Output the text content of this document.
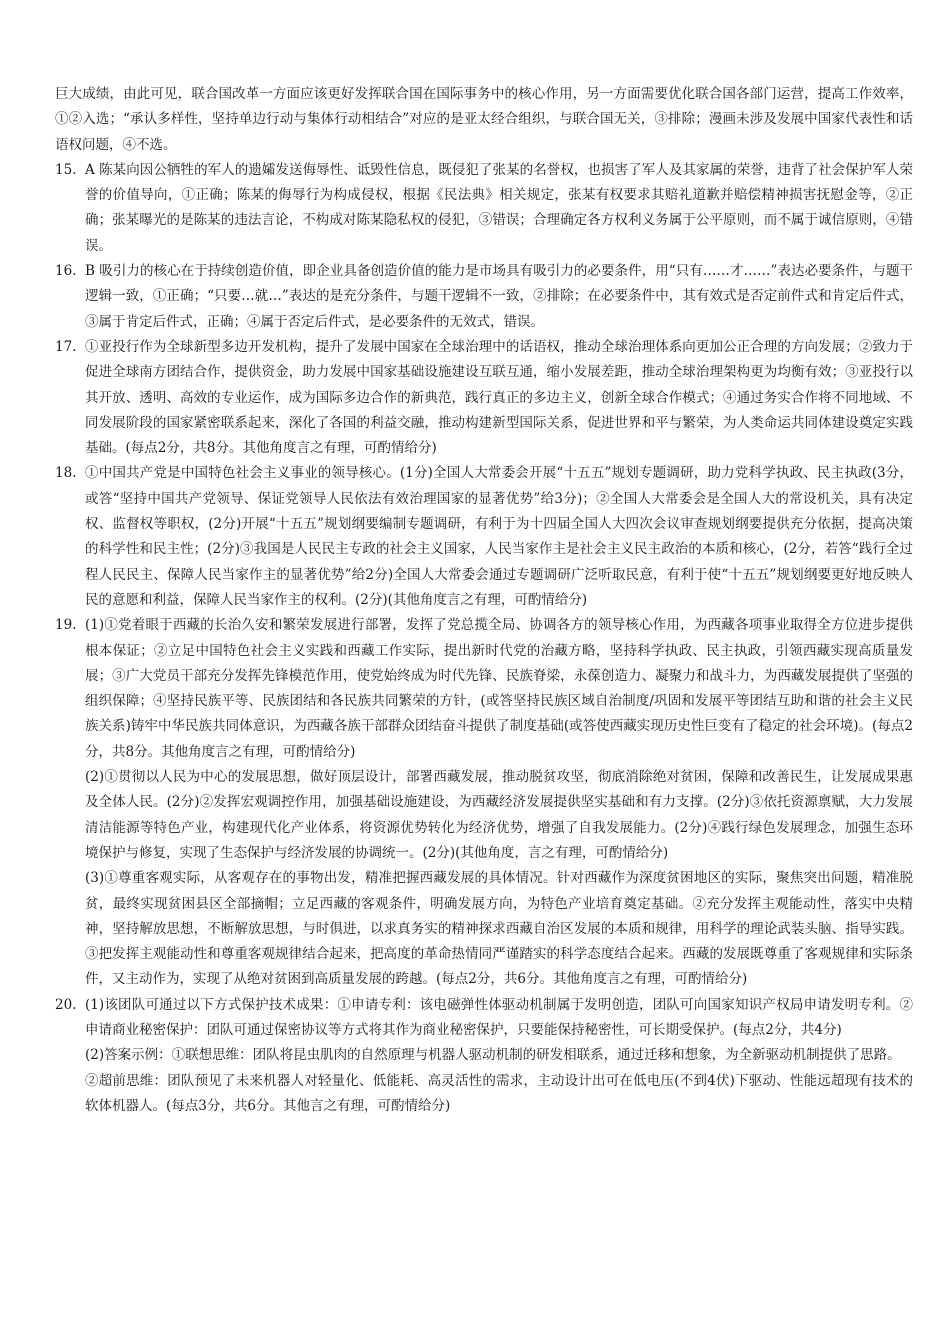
巨大成绩，由此可见，联合国改革一方面应该更好发挥联合国在国际事务中的核心作用，另一方面需要优化联合国各部门运营，提高工作效率，①②入选；“承认多样性，坚持单边行动与集体行动相结合”对应的是亚太经合组织，与联合国无关，③排除；漫画未涉及发展中国家代表性和话语权问题，④不选。

15. A 陈某向因公牺牲的军人的遗孀发送侮辱性、诋毁性信息，既侵犯了张某的名誉权，也损害了军人及其家属的荣誉，违背了社会保护军人荣誉的价值导向，①正确；陈某的侮辱行为构成侵权，根据《民法典》相关规定，张某有权要求其赔礼道歉并赔偿精神损害抚慰金等，②正确；张某曝光的是陈某的违法言论，不构成对陈某隐私权的侵犯，③错误；合理确定各方权利义务属于公平原则，而不属于诚信原则，④错误。

16. B 吸引力的核心在于持续创造价值，即企业具备创造价值的能力是市场具有吸引力的必要条件，用“只有……才……”表达必要条件，与题干逻辑一致，①正确；“只要…就…”表达的是充分条件，与题干逻辑不一致，②排除；在必要条件中，其有效式是否定前件式和肯定后件式，③属于肯定后件式，正确；④属于否定后件式，是必要条件的无效式，错误。

17. ①亚投行作为全球新型多边开发机构，提升了发展中国家在全球治理中的话语权，推动全球治理体系向更加公正合理的方向发展；②致力于促进全球南方团结合作，提供资金，助力发展中国家基础设施建设互联互通，缩小发展差距，推动全球治理架构更为均衡有效；③亚投行以其开放、透明、高效的专业运作，成为国际多边合作的新典范，践行真正的多边主义，创新全球合作模式；④通过务实合作将不同地域、不同发展阶段的国家紧密联系起来，深化了各国的利益交融，推动构建新型国际关系，促进世界和平与繁荣，为人类命运共同体建设奠定实践基础。(每点2分，共8分。其他角度言之有理，可酌情给分)

18. ①中国共产党是中国特色社会主义事业的领导核心。(1分)全国人大常委会开展“十五五”规划专题调研，助力党科学执政、民主执政(3分，或答“坚持中国共产党领导、保证党领导人民依法有效治理国家的显著优势”给3分)；②全国人大常委会是全国人大的常设机关，具有决定权、监督权等职权，(2分)开展“十五五”规划纲要编制专题调研，有利于为十四届全国人大四次会议审查规划纲要提供充分依据，提高决策的科学性和民主性；(2分)③我国是人民民主专政的社会主义国家，人民当家作主是社会主义民主政治的本质和核心，(2分，若答“践行全过程人民民主、保障人民当家作主的显著优势”给2分)全国人大常委会通过专题调研广泛听取民意，有利于使“十五五”规划纲要更好地反映人民的意愿和利益，保障人民当家作主的权利。(2分)(其他角度言之有理，可酌情给分)

19. (1)①党着眼于西藏的长治久安和繁荣发展进行部署，发挥了党总揽全局、协调各方的领导核心作用，为西藏各项事业取得全方位进步提供根本保证；②立足中国特色社会主义实践和西藏工作实际，提出新时代党的治藏方略，坚持科学执政、民主执政，引领西藏实现高质量发展；③广大党员干部充分发挥先锋模范作用，使党始终成为时代先锋、民族脊梁，永葆创造力、凝聚力和战斗力，为西藏发展提供了坚强的组织保障；④坚持民族平等、民族团结和各民族共同繁荣的方针，(或答坚持民族区域自治制度/巩固和发展平等团结互助和谐的社会主义民族关系)铸牢中华民族共同体意识，为西藏各族干部群众团结奋斗提供了制度基础(或答使西藏实现历史性巨变有了稳定的社会环境)。(每点2分，共8分。其他角度言之有理，可酌情给分)

(2)①贯彻以人民为中心的发展思想，做好顶层设计，部署西藏发展，推动脱贫攻坚，彻底消除绝对贫困，保障和改善民生，让发展成果惠及全体人民。(2分)②发挥宏观调控作用，加强基础设施建设，为西藏经济发展提供坚实基础和有力支撑。(2分)③依托资源禀赋，大力发展清洁能源等特色产业，构建现代化产业体系，将资源优势转化为经济优势，增强了自我发展能力。(2分)④践行绿色发展理念，加强生态环境保护与修复，实现了生态保护与经济发展的协调统一。(2分)(其他角度，言之有理，可酌情给分)

(3)①尊重客观实际，从客观存在的事物出发，精准把握西藏发展的具体情况。针对西藏作为深度贫困地区的实际，聚焦突出问题，精准脱贫，最终实现贫困县区全部摘帽；立足西藏的客观条件，明确发展方向，为特色产业培育奠定基础。②充分发挥主观能动性，落实中央精神，坚持解放思想，不断解放思想，与时俱进，以求真务实的精神探求西藏自治区发展的本质和规律，用科学的理论武装头脑、指导实践。③把发挥主观能动性和尊重客观规律结合起来，把高度的革命热情同严谨踏实的科学态度结合起来。西藏的发展既尊重了客观规律和实际条件，又主动作为，实现了从绝对贫困到高质量发展的跨越。(每点2分，共6分。其他角度言之有理，可酌情给分)

20. (1)该团队可通过以下方式保护技术成果：①申请专利：该电磁弹性体驱动机制属于发明创造，团队可向国家知识产权局申请发明专利。②申请商业秘密保护：团队可通过保密协议等方式将其作为商业秘密保护，只要能保持秘密性，可长期受保护。(每点2分，共4分)

(2)答案示例：①联想思维：团队将昆虫肌肉的自然原理与机器人驱动机制的研发相联系，通过迁移和想象，为全新驱动机制提供了思路。

②超前思维：团队预见了未来机器人对轻量化、低能耗、高灵活性的需求，主动设计出可在低电压(不到4伏)下驱动、性能远超现有技术的软体机器人。(每点3分，共6分。其他言之有理，可酌情给分)
